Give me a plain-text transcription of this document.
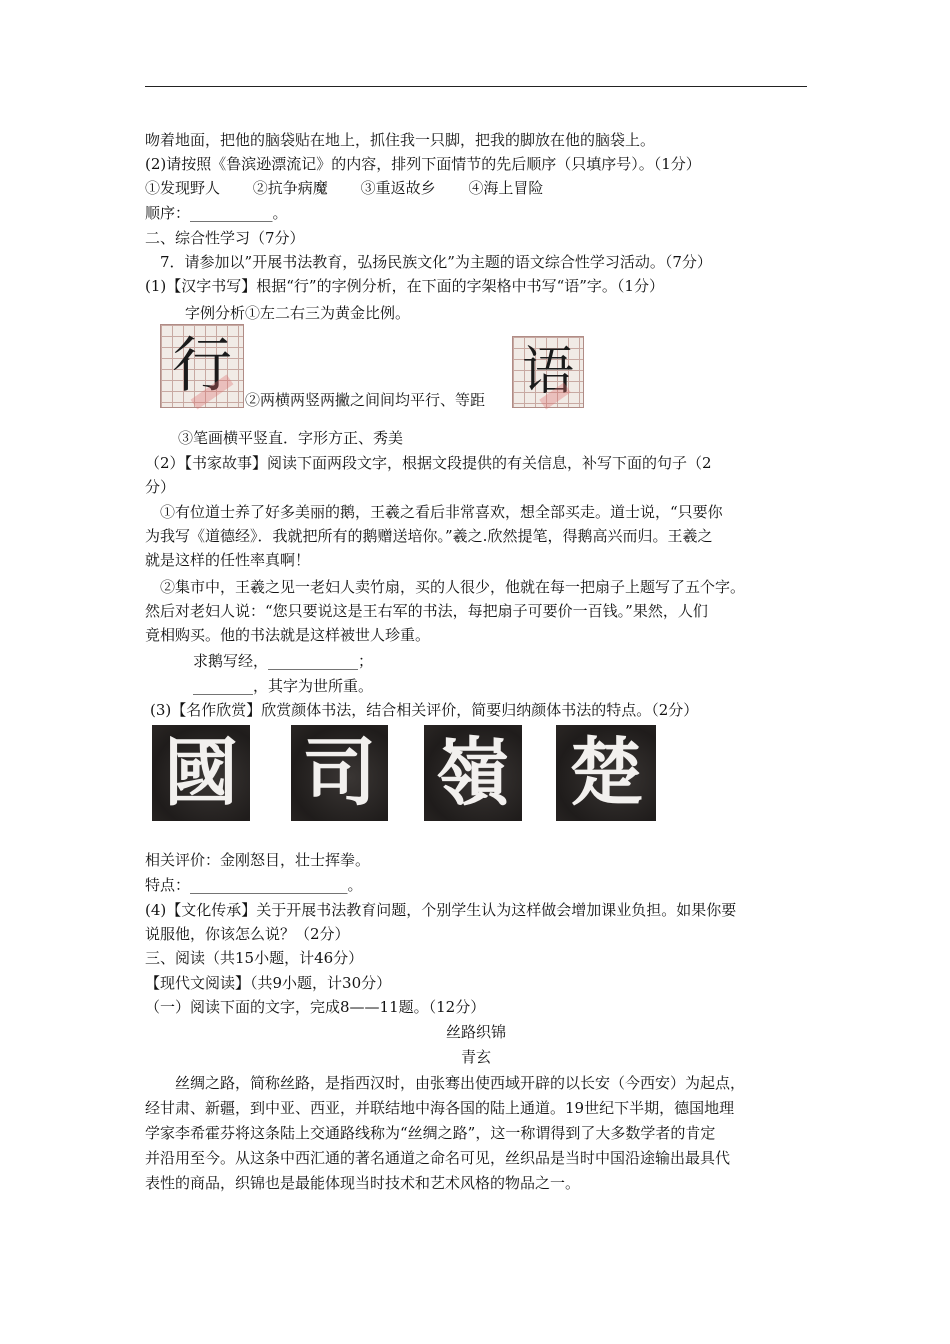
吻着地面，把他的脑袋贴在地上，抓住我一只脚，把我的脚放在他的脑袋上。
(2)请按照《鲁滨逊漂流记》的内容，排列下面情节的先后顺序（只填序号）。（1分）
①发现野人 ②抗争病魔 ③重返故乡 ④海上冒险
顺序：___________。
二、综合性学习（7分）
7．请参加以”开展书法教育，弘扬民族文化”为主题的语文综合性学习活动。（7分）
(1)【汉字书写】根据“行”的字例分析，在下面的字架格中书写“语”字。（1分）
字例分析①左二右三为黄金比例。
行 ②两横两竖两撇之间间均平行、等距 语
③笔画横平竖直．字形方正、秀美
（2）【书家故事】阅读下面两段文字，根据文段提供的有关信息，补写下面的句子（2
分）
①有位道士养了好多美丽的鹅，王羲之看后非常喜欢，想全部买走。道士说，“只要你
为我写《道德经》．我就把所有的鹅赠送培你。”羲之.欣然提笔，得鹅高兴而归。王羲之
就是这样的任性率真啊！
②集市中，王羲之见一老妇人卖竹扇，买的人很少，他就在每一把扇子上题写了五个字。
然后对老妇人说：“您只要说这是王右军的书法，每把扇子可要价一百钱。”果然，人们
竟相购买。他的书法就是这样被世人珍重。
求鹅写经，____________；
________，其字为世所重。
(3)【名作欣赏】欣赏颜体书法，结合相关评价，简要归纳颜体书法的特点。（2分）
國 司 嶺 楚
相关评价：金刚怒目，壮士挥拳。
特点：_____________________。
(4)【文化传承】关于开展书法教育问题，个别学生认为这样做会增加课业负担。如果你要
说服他，你该怎么说？（2分）
三、阅读（共15小题，计46分）
【现代文阅读】（共9小题，计30分）
（一）阅读下面的文字，完成8——11题。（12分）
丝路织锦
青玄
丝绸之路，简称丝路，是指西汉时，由张骞出使西域开辟的以长安（今西安）为起点，
经甘肃、新疆，到中亚、西亚，并联结地中海各国的陆上通道。19世纪下半期，德国地理
学家李希霍芬将这条陆上交通路线称为“丝绸之路”，这一称谓得到了大多数学者的肯定
并沿用至今。从这条中西汇通的著名通道之命名可见，丝织品是当时中国沿途输出最具代
表性的商品，织锦也是最能体现当时技术和艺术风格的物品之一。
